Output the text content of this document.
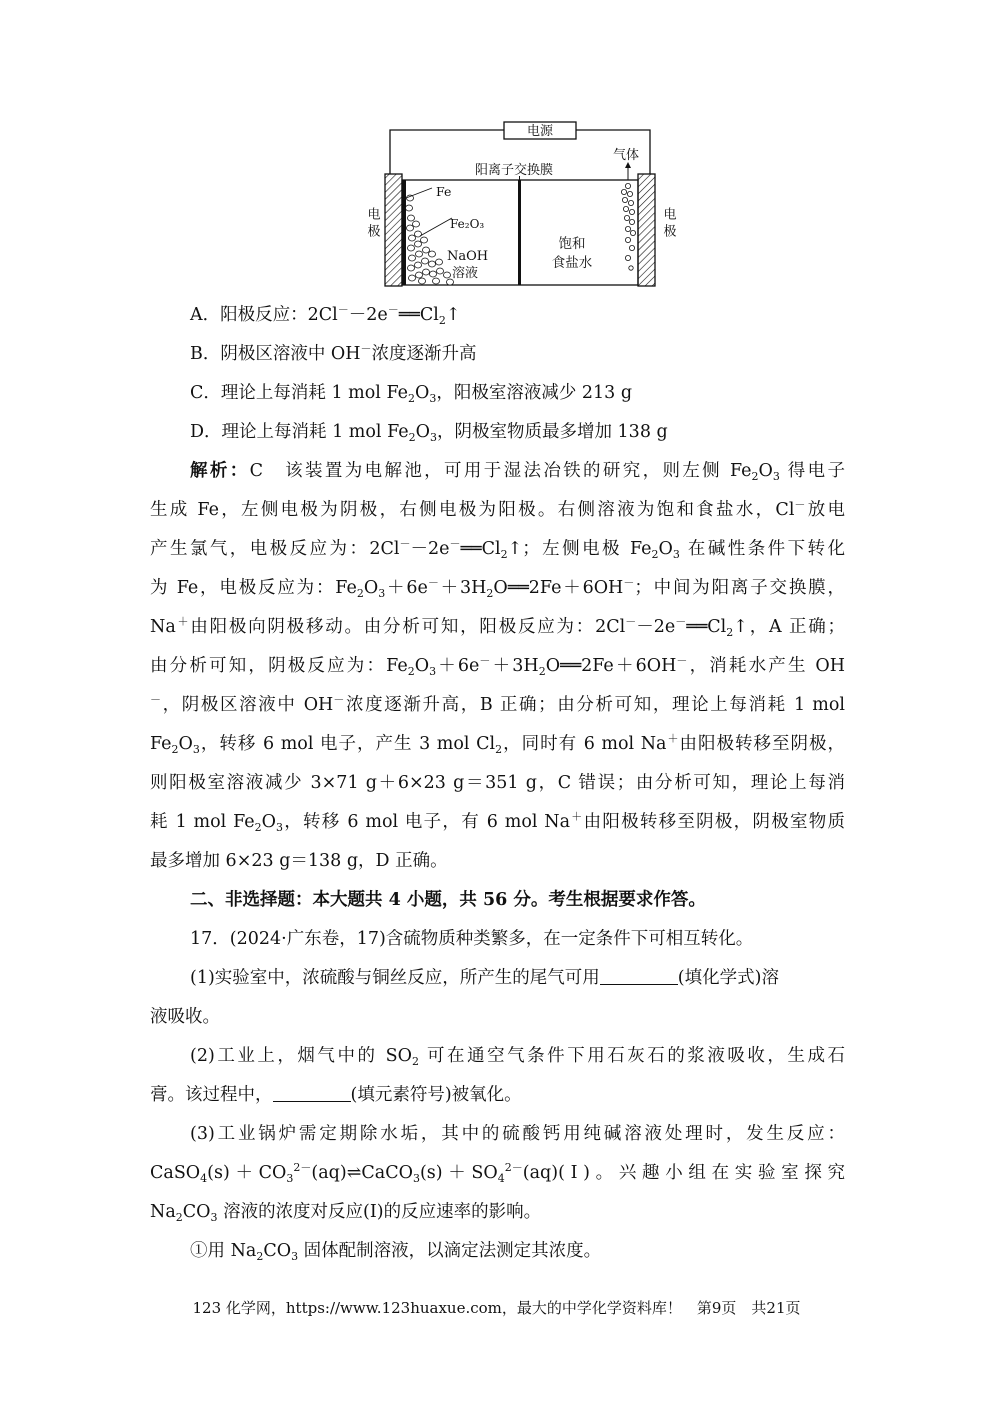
电源
阳离子交换膜
气体
电极	电极
Fe
Fe₂O₃
NaOH
溶液
饱和
食盐水
A．阳极反应：$2Cl^--2e^-══Cl_2↑$
B．阴极区溶液中 OH－浓度逐渐升高
C．理论上每消耗 1 mol $Fe_2O_3$，阳极室溶液减少 213 g
D．理论上每消耗 1 mol $Fe_2O_3$，阴极室物质最多增加 138 g
解析：C　该装置为电解池，可用于湿法冶铁的研究，则左侧 $Fe_2O_3$ 得电子
生成 Fe，左侧电极为阴极，右侧电极为阳极。右侧溶液为饱和食盐水，Cl－放电
产生氯气，电极反应为：$2Cl^--2e^-══Cl_2↑$；左侧电极 $Fe_2O_3$ 在碱性条件下转化
为 Fe，电极反应为：$Fe_2O_3+6e^-+3H_2O══2Fe+6OH^-$；中间为阳离子交换膜，
Na＋由阳极向阴极移动。由分析可知，阳极反应为：$2Cl^--2e^-══Cl_2↑$，A 正确；
由分析可知，阴极反应为：$Fe_2O_3+6e^-+3H_2O══2Fe+6OH^-$，消耗水产生 OH
－，阴极区溶液中 OH－浓度逐渐升高，B 正确；由分析可知，理论上每消耗 1 mol
$Fe_2O_3$，转移 6 mol 电子，产生 3 mol $Cl_2$，同时有 6 mol Na＋由阳极转移至阴极，
则阳极室溶液减少 3×71 g＋6×23 g＝351 g，C 错误；由分析可知，理论上每消
耗 1 mol $Fe_2O_3$，转移 6 mol 电子，有 6 mol Na＋由阳极转移至阴极，阴极室物质
最多增加 6×23 g＝138 g，D 正确。
二、非选择题：本大题共 4 小题，共 56 分。考生根据要求作答。
17．(2024·广东卷，17)含硫物质种类繁多，在一定条件下可相互转化。
(1)实验室中，浓硫酸与铜丝反应，所产生的尾气可用	(填化学式)溶
液吸收。
(2)工业上，烟气中的 $SO_2$ 可在通空气条件下用石灰石的浆液吸收，生成石
膏。该过程中，	(填元素符号)被氧化。
(3)工业锅炉需定期除水垢，其中的硫酸钙用纯碱溶液处理时，发生反应：
$CaSO_4(s)+CO_3^{2-}(aq)\rightleftharpoons CaCO_3(s)+SO_4^{2-}(aq)(Ⅰ)$。兴趣小组在实验室探究
$Na_2CO_3$ 溶液的浓度对反应(Ⅰ)的反应速率的影响。
①用 $Na_2CO_3$ 固体配制溶液，以滴定法测定其浓度。
123 化学网，https://www.123huaxue.com，最大的中学化学资料库！　第9页　共21页
